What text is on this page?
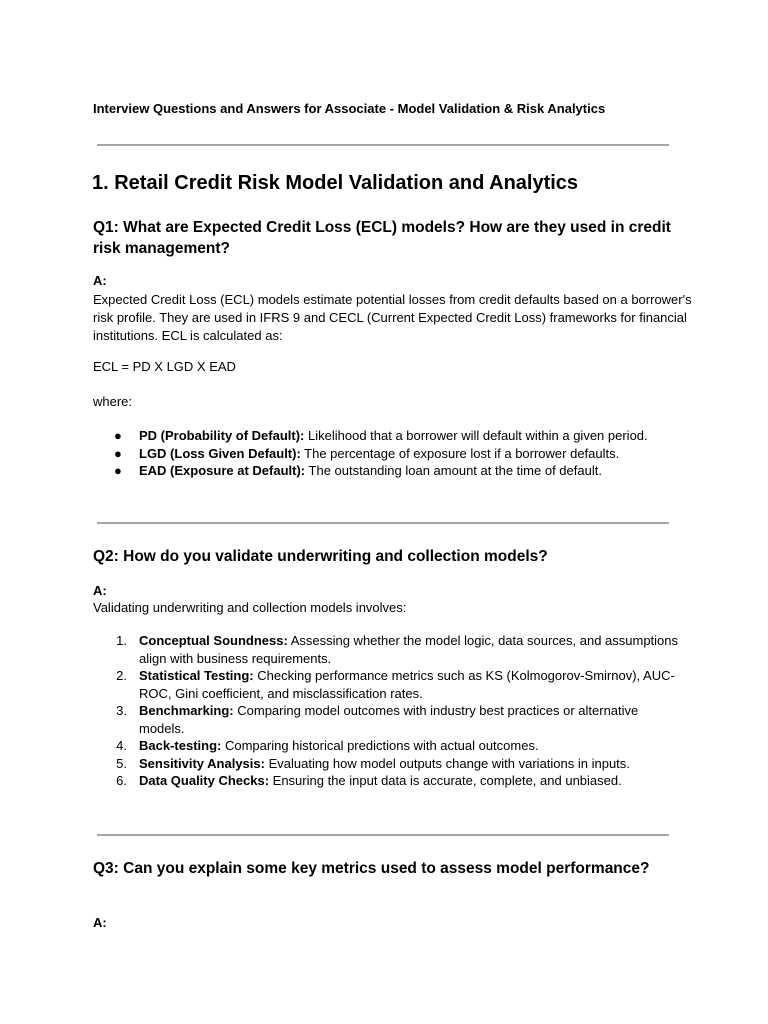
Interview Questions and Answers for Associate - Model Validation & Risk Analytics
1. Retail Credit Risk Model Validation and Analytics
Q1: What are Expected Credit Loss (ECL) models? How are they used in credit risk management?
A:
Expected Credit Loss (ECL) models estimate potential losses from credit defaults based on a borrower's risk profile. They are used in IFRS 9 and CECL (Current Expected Credit Loss) frameworks for financial institutions. ECL is calculated as:
ECL = PD X LGD X EAD
where:
● PD (Probability of Default): Likelihood that a borrower will default within a given period.
● LGD (Loss Given Default): The percentage of exposure lost if a borrower defaults.
● EAD (Exposure at Default): The outstanding loan amount at the time of default.
Q2: How do you validate underwriting and collection models?
A:
Validating underwriting and collection models involves:
1. Conceptual Soundness: Assessing whether the model logic, data sources, and assumptions align with business requirements.
2. Statistical Testing: Checking performance metrics such as KS (Kolmogorov-Smirnov), AUC-ROC, Gini coefficient, and misclassification rates.
3. Benchmarking: Comparing model outcomes with industry best practices or alternative models.
4. Back-testing: Comparing historical predictions with actual outcomes.
5. Sensitivity Analysis: Evaluating how model outputs change with variations in inputs.
6. Data Quality Checks: Ensuring the input data is accurate, complete, and unbiased.
Q3: Can you explain some key metrics used to assess model performance?
A:
